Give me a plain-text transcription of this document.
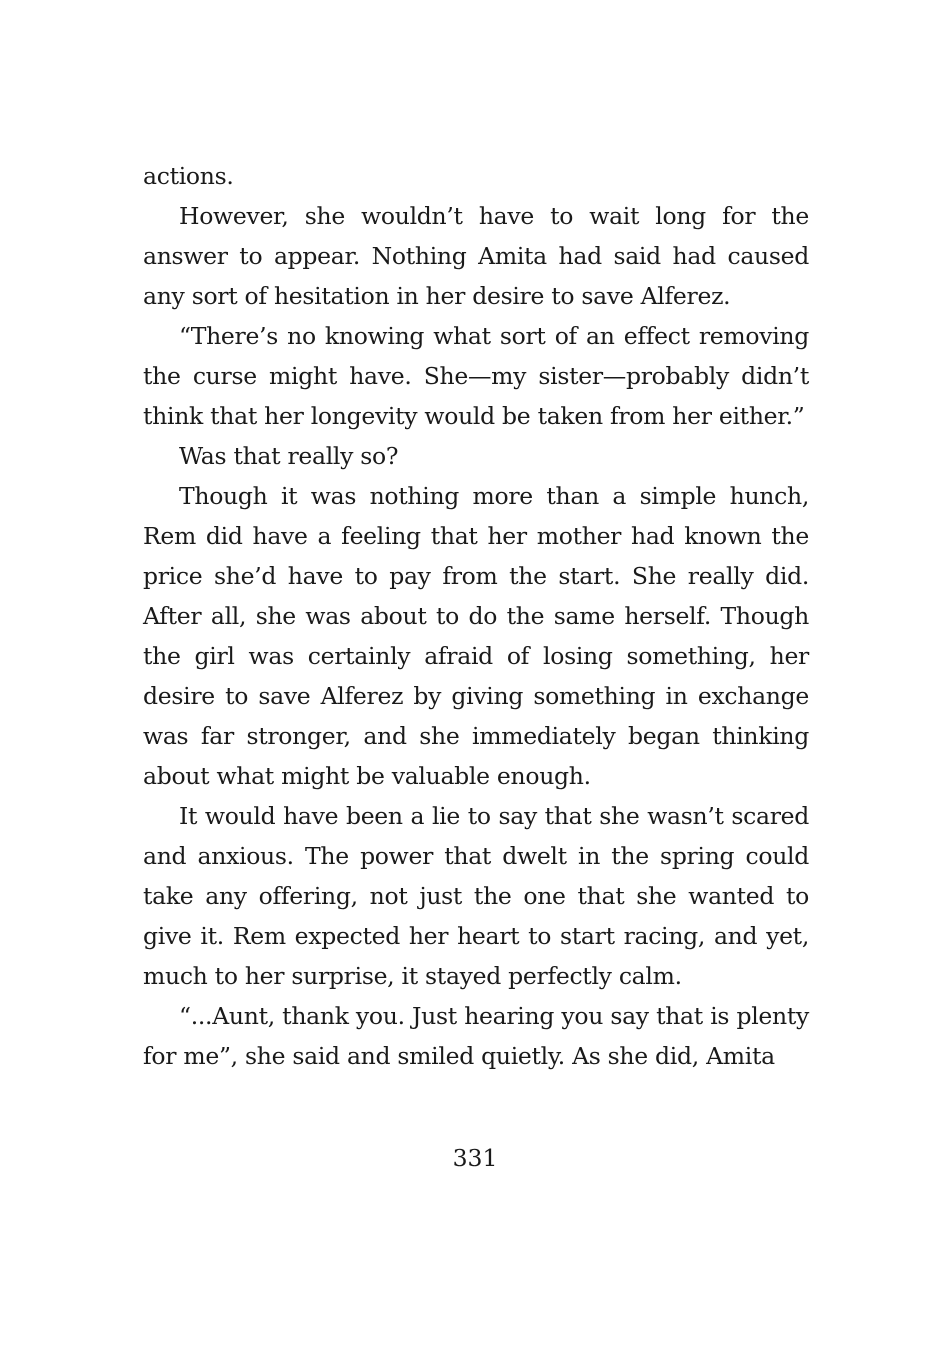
actions.

However, she wouldn’t have to wait long for the answer to appear. Nothing Amita had said had caused any sort of hesitation in her desire to save Alferez.

“There’s no knowing what sort of an effect removing the curse might have. She—my sister—probably didn’t think that her longevity would be taken from her either.”

Was that really so?

Though it was nothing more than a simple hunch, Rem did have a feeling that her mother had known the price she’d have to pay from the start. She really did. After all, she was about to do the same herself. Though the girl was certainly afraid of losing something, her desire to save Alferez by giving something in exchange was far stronger, and she immediately began thinking about what might be valuable enough.

It would have been a lie to say that she wasn’t scared and anxious. The power that dwelt in the spring could take any offering, not just the one that she wanted to give it. Rem expected her heart to start racing, and yet, much to her surprise, it stayed perfectly calm.

“...Aunt, thank you. Just hearing you say that is plenty for me”, she said and smiled quietly. As she did, Amita

331
